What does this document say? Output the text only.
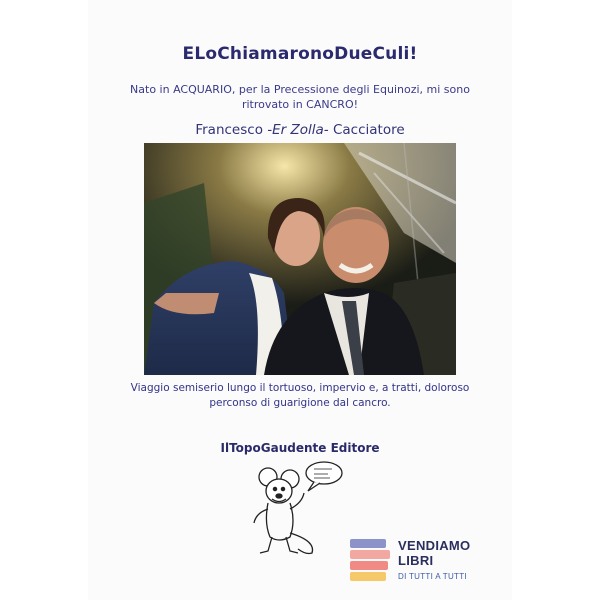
ELoChiamaronoDueCuli!
Nato in ACQUARIO, per la Precessione degli Equinozi, mi sono ritrovato in CANCRO!
Francesco -Er Zolla- Cacciatore
Viaggio semiserio lungo il tortuoso, impervio e, a tratti, doloroso perconso di guarigione dal cancro.
IlTopoGaudente Editore
VENDIAMO
LIBRI
DI TUTTI A TUTTI
